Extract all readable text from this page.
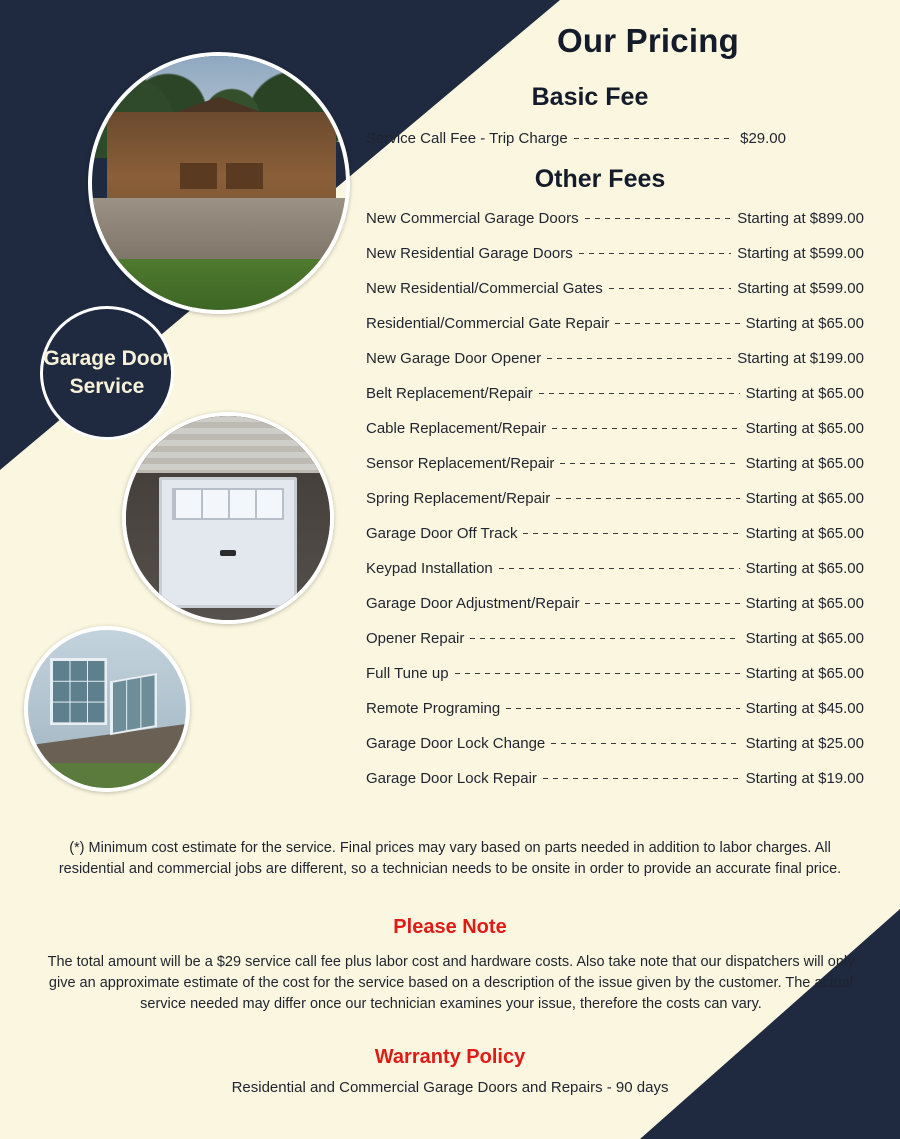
Garage Door Service
Our Pricing
Basic Fee
Service Call Fee - Trip Charge	$29.00
Other Fees
New Commercial Garage Doors	Starting at $899.00
New Residential Garage Doors	Starting at $599.00
New Residential/Commercial Gates	Starting at $599.00
Residential/Commercial Gate Repair	Starting at $65.00
New Garage Door Opener	Starting at $199.00
Belt Replacement/Repair	Starting at $65.00
Cable Replacement/Repair	Starting at $65.00
Sensor Replacement/Repair	Starting at $65.00
Spring Replacement/Repair	Starting at $65.00
Garage Door Off Track	Starting at $65.00
Keypad Installation	Starting at $65.00
Garage Door Adjustment/Repair	Starting at $65.00
Opener Repair	Starting at $65.00
Full Tune up	Starting at $65.00
Remote Programing	Starting at $45.00
Garage Door Lock Change	Starting at $25.00
Garage Door Lock Repair	Starting at $19.00
(*) Minimum cost estimate for the service. Final prices may vary based on parts needed in addition to labor charges. All residential and commercial jobs are different, so a technician needs to be onsite in order to provide an accurate final price.
Please Note
The total amount will be a $29 service call fee plus labor cost and hardware costs. Also take note that our dispatchers will only give an approximate estimate of the cost for the service based on a description of the issue given by the customer. The actual service needed may differ once our technician examines your issue, therefore the costs can vary.
Warranty Policy
Residential and Commercial Garage Doors and Repairs - 90 days
